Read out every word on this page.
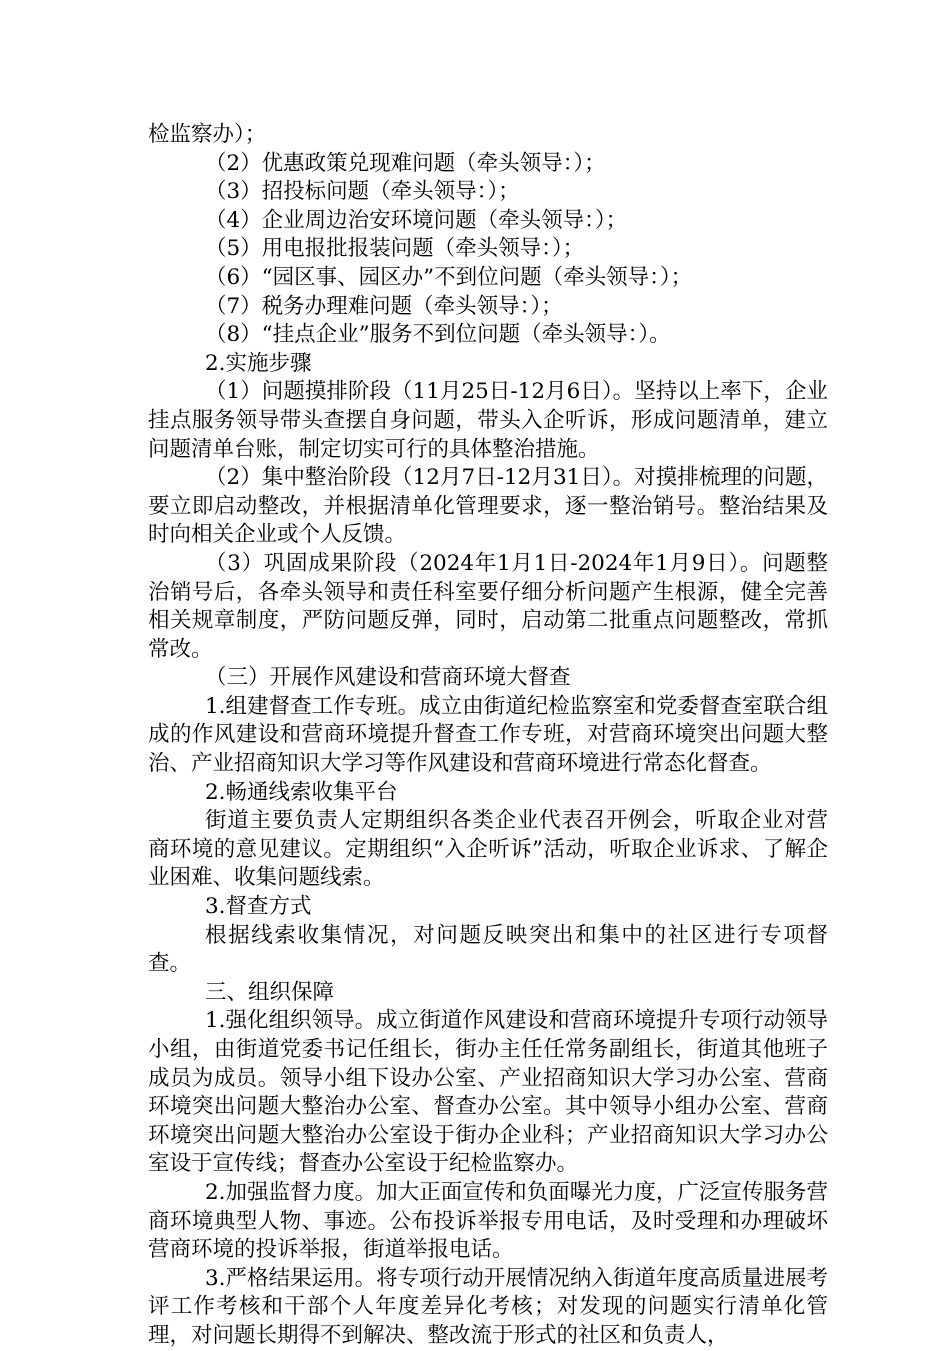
检监察办）；

（2）优惠政策兑现难问题（牵头领导：）；

（3）招投标问题（牵头领导：）；

（4）企业周边治安环境问题（牵头领导：）；

（5）用电报批报装问题（牵头领导：）；

（6）“园区事、园区办”不到位问题（牵头领导：）；

（7）税务办理难问题（牵头领导：）；

（8）“挂点企业”服务不到位问题（牵头领导：）。

2.实施步骤

（1）问题摸排阶段（11月25日-12月6日）。坚持以上率下，企业挂点服务领导带头查摆自身问题，带头入企听诉，形成问题清单，建立问题清单台账，制定切实可行的具体整治措施。

（2）集中整治阶段（12月7日-12月31日）。对摸排梳理的问题，要立即启动整改，并根据清单化管理要求，逐一整治销号。整治结果及时向相关企业或个人反馈。

（3）巩固成果阶段（2024年1月1日-2024年1月9日）。问题整治销号后，各牵头领导和责任科室要仔细分析问题产生根源，健全完善相关规章制度，严防问题反弹，同时，启动第二批重点问题整改，常抓常改。

（三）开展作风建设和营商环境大督查

1.组建督查工作专班。成立由街道纪检监察室和党委督查室联合组成的作风建设和营商环境提升督查工作专班，对营商环境突出问题大整治、产业招商知识大学习等作风建设和营商环境进行常态化督查。

2.畅通线索收集平台

街道主要负责人定期组织各类企业代表召开例会，听取企业对营商环境的意见建议。定期组织“入企听诉”活动，听取企业诉求、了解企业困难、收集问题线索。

3.督查方式

根据线索收集情况，对问题反映突出和集中的社区进行专项督查。

三、组织保障

1.强化组织领导。成立街道作风建设和营商环境提升专项行动领导小组，由街道党委书记任组长，街办主任任常务副组长，街道其他班子成员为成员。领导小组下设办公室、产业招商知识大学习办公室、营商环境突出问题大整治办公室、督查办公室。其中领导小组办公室、营商环境突出问题大整治办公室设于街办企业科；产业招商知识大学习办公室设于宣传线；督查办公室设于纪检监察办。

2.加强监督力度。加大正面宣传和负面曝光力度，广泛宣传服务营商环境典型人物、事迹。公布投诉举报专用电话，及时受理和办理破坏营商环境的投诉举报，街道举报电话。

3.严格结果运用。将专项行动开展情况纳入街道年度高质量进展考评工作考核和干部个人年度差异化考核；对发现的问题实行清单化管理，对问题长期得不到解决、整改流于形式的社区和负责人，
